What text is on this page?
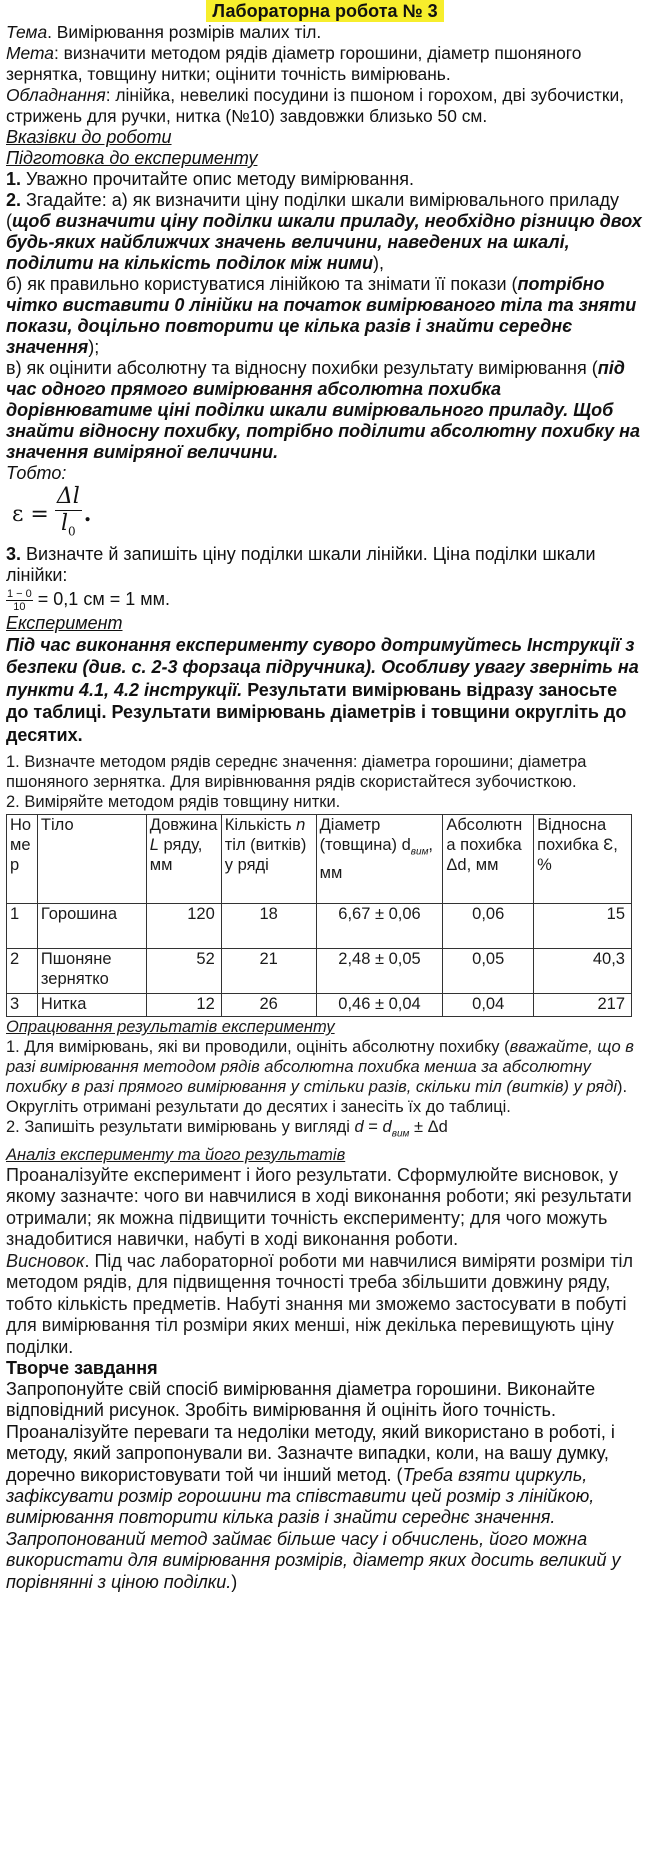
Лабораторна робота № 3

Тема. Вимірювання розмірів малих тіл.

Мета: визначити методом рядів діаметр горошини, діаметр пшоняного зернятка, товщину нитки; оцінити точність вимірювань.

Обладнання: лінійка, невеликі посудини із пшоном і горохом, дві зубочистки, стрижень для ручки, нитка (№10) завдовжки близько 50 см.

Вказівки до роботи

Підготовка до експерименту

1. Уважно прочитайте опис методу вимірювання.

2. Згадайте: а) як визначити ціну поділки шкали вимірювального приладу (щоб визначити ціну поділки шкали приладу, необхідно різницю двох будь-яких найближчих значень величини, наведених на шкалі, поділити на кількість поділок між ними),

б) як правильно користуватися лінійкою та знімати її покази (потрібно чітко виставити 0 лінійки на початок вимірюваного тіла та зняти покази, доцільно повторити це кілька разів і знайти середнє значення);

в) як оцінити абсолютну та відносну похибки результату вимірювання (під час одного прямого вимірювання абсолютна похибка дорівнюватиме ціні поділки шкали вимірювального приладу. Щоб знайти відносну похибку, потрібно поділити абсолютну похибку на значення виміряної величини.

Тобто:

$\varepsilon = \frac{\Delta l}{l_0}$ .

3. Визначте й запишіть ціну поділки шкали лінійки. Ціна поділки шкали лінійки:

$\frac{1 - 0}{10} = 0,1$ см = 1 мм.

Експеримент

Під час виконання експерименту суворо дотримуйтесь Інструкції з безпеки (див. с. 2-3 форзаца підручника). Особливу увагу зверніть на пункти 4.1, 4.2 інструкції. Результати вимірювань відразу заносьте до таблиці. Результати вимірювань діаметрів і товщини округліть до десятих.

1. Визначте методом рядів середнє значення: діаметра горошини; діаметра пшоняного зернятка. Для вирівнювання рядів скористайтеся зубочисткою.

2. Виміряйте методом рядів товщину нитки.

Номер	Тіло	Довжина L ряду, мм	Кількість n тіл (витків) у ряді	Діаметр (товщина) $d_{вим}$, мм	Абсолютна похибка Δd, мм	Відносна похибка Ɛ, %
1	Горошина	120	18	6,67 ± 0,06	0,06	15
2	Пшоняне зернятко	52	21	2,48 ± 0,05	0,05	40,3
3	Нитка	12	26	0,46 ± 0,04	0,04	217

Опрацювання результатів експерименту

1. Для вимірювань, які ви проводили, оцініть абсолютну похибку (вважайте, що в разі вимірювання методом рядів абсолютна похибка менша за абсолютну похибку в разі прямого вимірювання у стільки разів, скільки тіл (витків) у ряді). Округліть отримані результати до десятих і занесіть їх до таблиці.

2. Запишіть результати вимірювань у вигляді $d = d_{вим} \pm \Delta d$

Аналіз експерименту та його результатів

Проаналізуйте експеримент і його результати. Сформулюйте висновок, у якому зазначте: чого ви навчилися в ході виконання роботи; які результати отримали; як можна підвищити точність експерименту; для чого можуть знадобитися навички, набуті в ході виконання роботи.

Висновок. Під час лабораторної роботи ми навчилися виміряти розміри тіл методом рядів, для підвищення точності треба збільшити довжину ряду, тобто кількість предметів. Набуті знання ми зможемо застосувати в побуті для вимірювання тіл розміри яких менші, ніж декілька перевищують ціну поділки.

Творче завдання

Запропонуйте свій спосіб вимірювання діаметра горошини. Виконайте відповідний рисунок. Зробіть вимірювання й оцініть його точність. Проаналізуйте переваги та недоліки методу, який використано в роботі, і методу, який запропонували ви. Зазначте випадки, коли, на вашу думку, доречно використовувати той чи інший метод. (Треба взяти циркуль, зафіксувати розмір горошини та співставити цей розмір з лінійкою, вимірювання повторити кілька разів і знайти середнє значення. Запропонований метод займає більше часу і обчислень, його можна використати для вимірювання розмірів, діаметр яких досить великий у порівнянні з ціною поділки.)
